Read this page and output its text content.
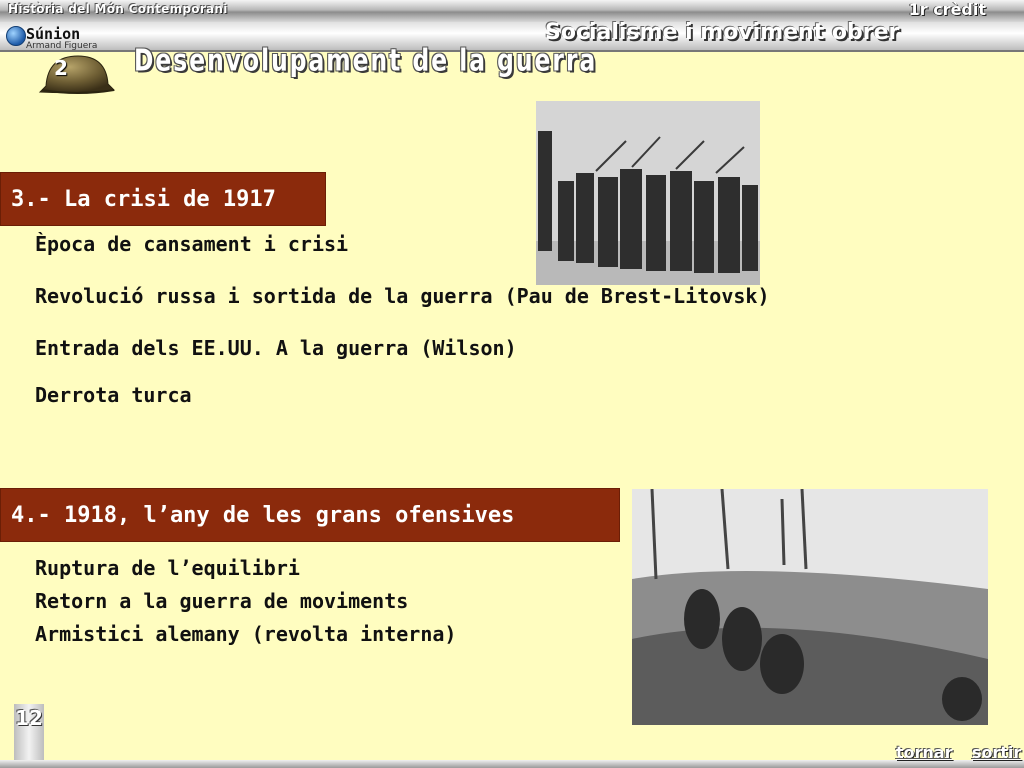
Història del Món Contemporani	1r crèdit
Socialisme i moviment obrer
Súnion
Armand Figuera
2	Desenvolupament de la guerra
3.- La crisi de 1917
Època de cansament i crisi
Revolució russa i sortida de la guerra (Pau de Brest-Litovsk)
Entrada dels EE.UU. A la guerra (Wilson)
Derrota turca
4.- 1918, l’any de les grans ofensives
Ruptura de l’equilibri
Retorn a la guerra de moviments
Armistici alemany (revolta interna)
12
tornar sortir
